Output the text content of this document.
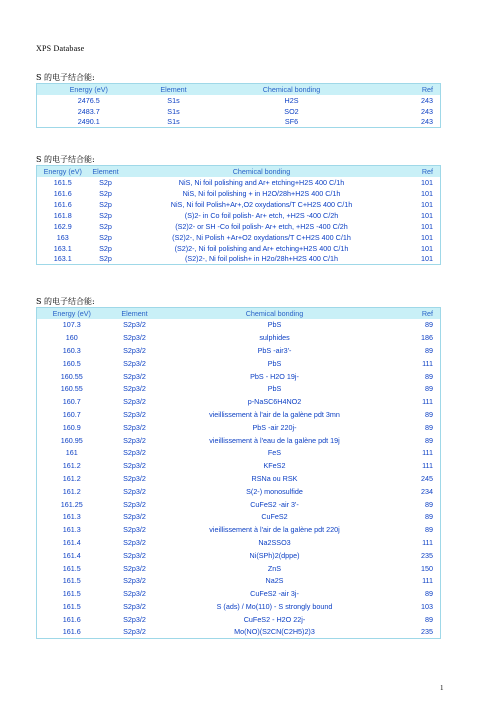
XPS Database
S 的电子结合能:
Energy (eV)	Element	Chemical bonding	Ref
2476.5	S1s	H2S	243
2483.7	S1s	SO2	243
2490.1	S1s	SF6	243
S 的电子结合能:
Energy (eV)	Element	Chemical bonding	Ref
161.5	S2p	NiS, Ni foil polishing and Ar+ etching+H2S 400 C/1h	101
161.6	S2p	NiS, Ni foil polishing + in H2O/28h+H2S 400 C/1h	101
161.6	S2p	NiS, Ni foil Polish+Ar+,O2 oxydations/T C+H2S 400 C/1h	101
161.8	S2p	(S)2- in Co foil polish- Ar+ etch, +H2S -400 C/2h	101
162.9	S2p	(S2)2- or SH -Co foil polish- Ar+ etch, +H2S -400 C/2h	101
163	S2p	(S2)2-, Ni Polish +Ar+O2 oxydations/T C+H2S 400 C/1h	101
163.1	S2p	(S2)2-, Ni foil polishing and Ar+ etching+H2S 400 C/1h	101
163.1	S2p	(S2)2-, Ni foil polish+ in H2o/28h+H2S 400 C/1h	101
S 的电子结合能:
Energy (eV)	Element	Chemical bonding	Ref
107.3	S2p3/2	PbS	89
160	S2p3/2	sulphides	186
160.3	S2p3/2	PbS -air3'-	89
160.5	S2p3/2	PbS	111
160.55	S2p3/2	PbS - H2O 19j-	89
160.55	S2p3/2	PbS	89
160.7	S2p3/2	p-NaSC6H4NO2	111
160.7	S2p3/2	vieillissement à l'air de la galène pdt 3mn	89
160.9	S2p3/2	PbS -air 220j-	89
160.95	S2p3/2	vieillissement à l'eau de la galène pdt 19j	89
161	S2p3/2	FeS	111
161.2	S2p3/2	KFeS2	111
161.2	S2p3/2	RSNa ou RSK	245
161.2	S2p3/2	S(2-) monosulfide	234
161.25	S2p3/2	CuFeS2 -air 3'-	89
161.3	S2p3/2	CuFeS2	89
161.3	S2p3/2	vieillissement à l'air de la galène pdt 220j	89
161.4	S2p3/2	Na2SSO3	111
161.4	S2p3/2	Ni(SPh)2(dppe)	235
161.5	S2p3/2	ZnS	150
161.5	S2p3/2	Na2S	111
161.5	S2p3/2	CuFeS2 -air 3j-	89
161.5	S2p3/2	S (ads) / Mo(110) - S strongly bound	103
161.6	S2p3/2	CuFeS2 - H2O 22j-	89
161.6	S2p3/2	Mo(NO)(S2CN(C2H5)2)3	235
1
